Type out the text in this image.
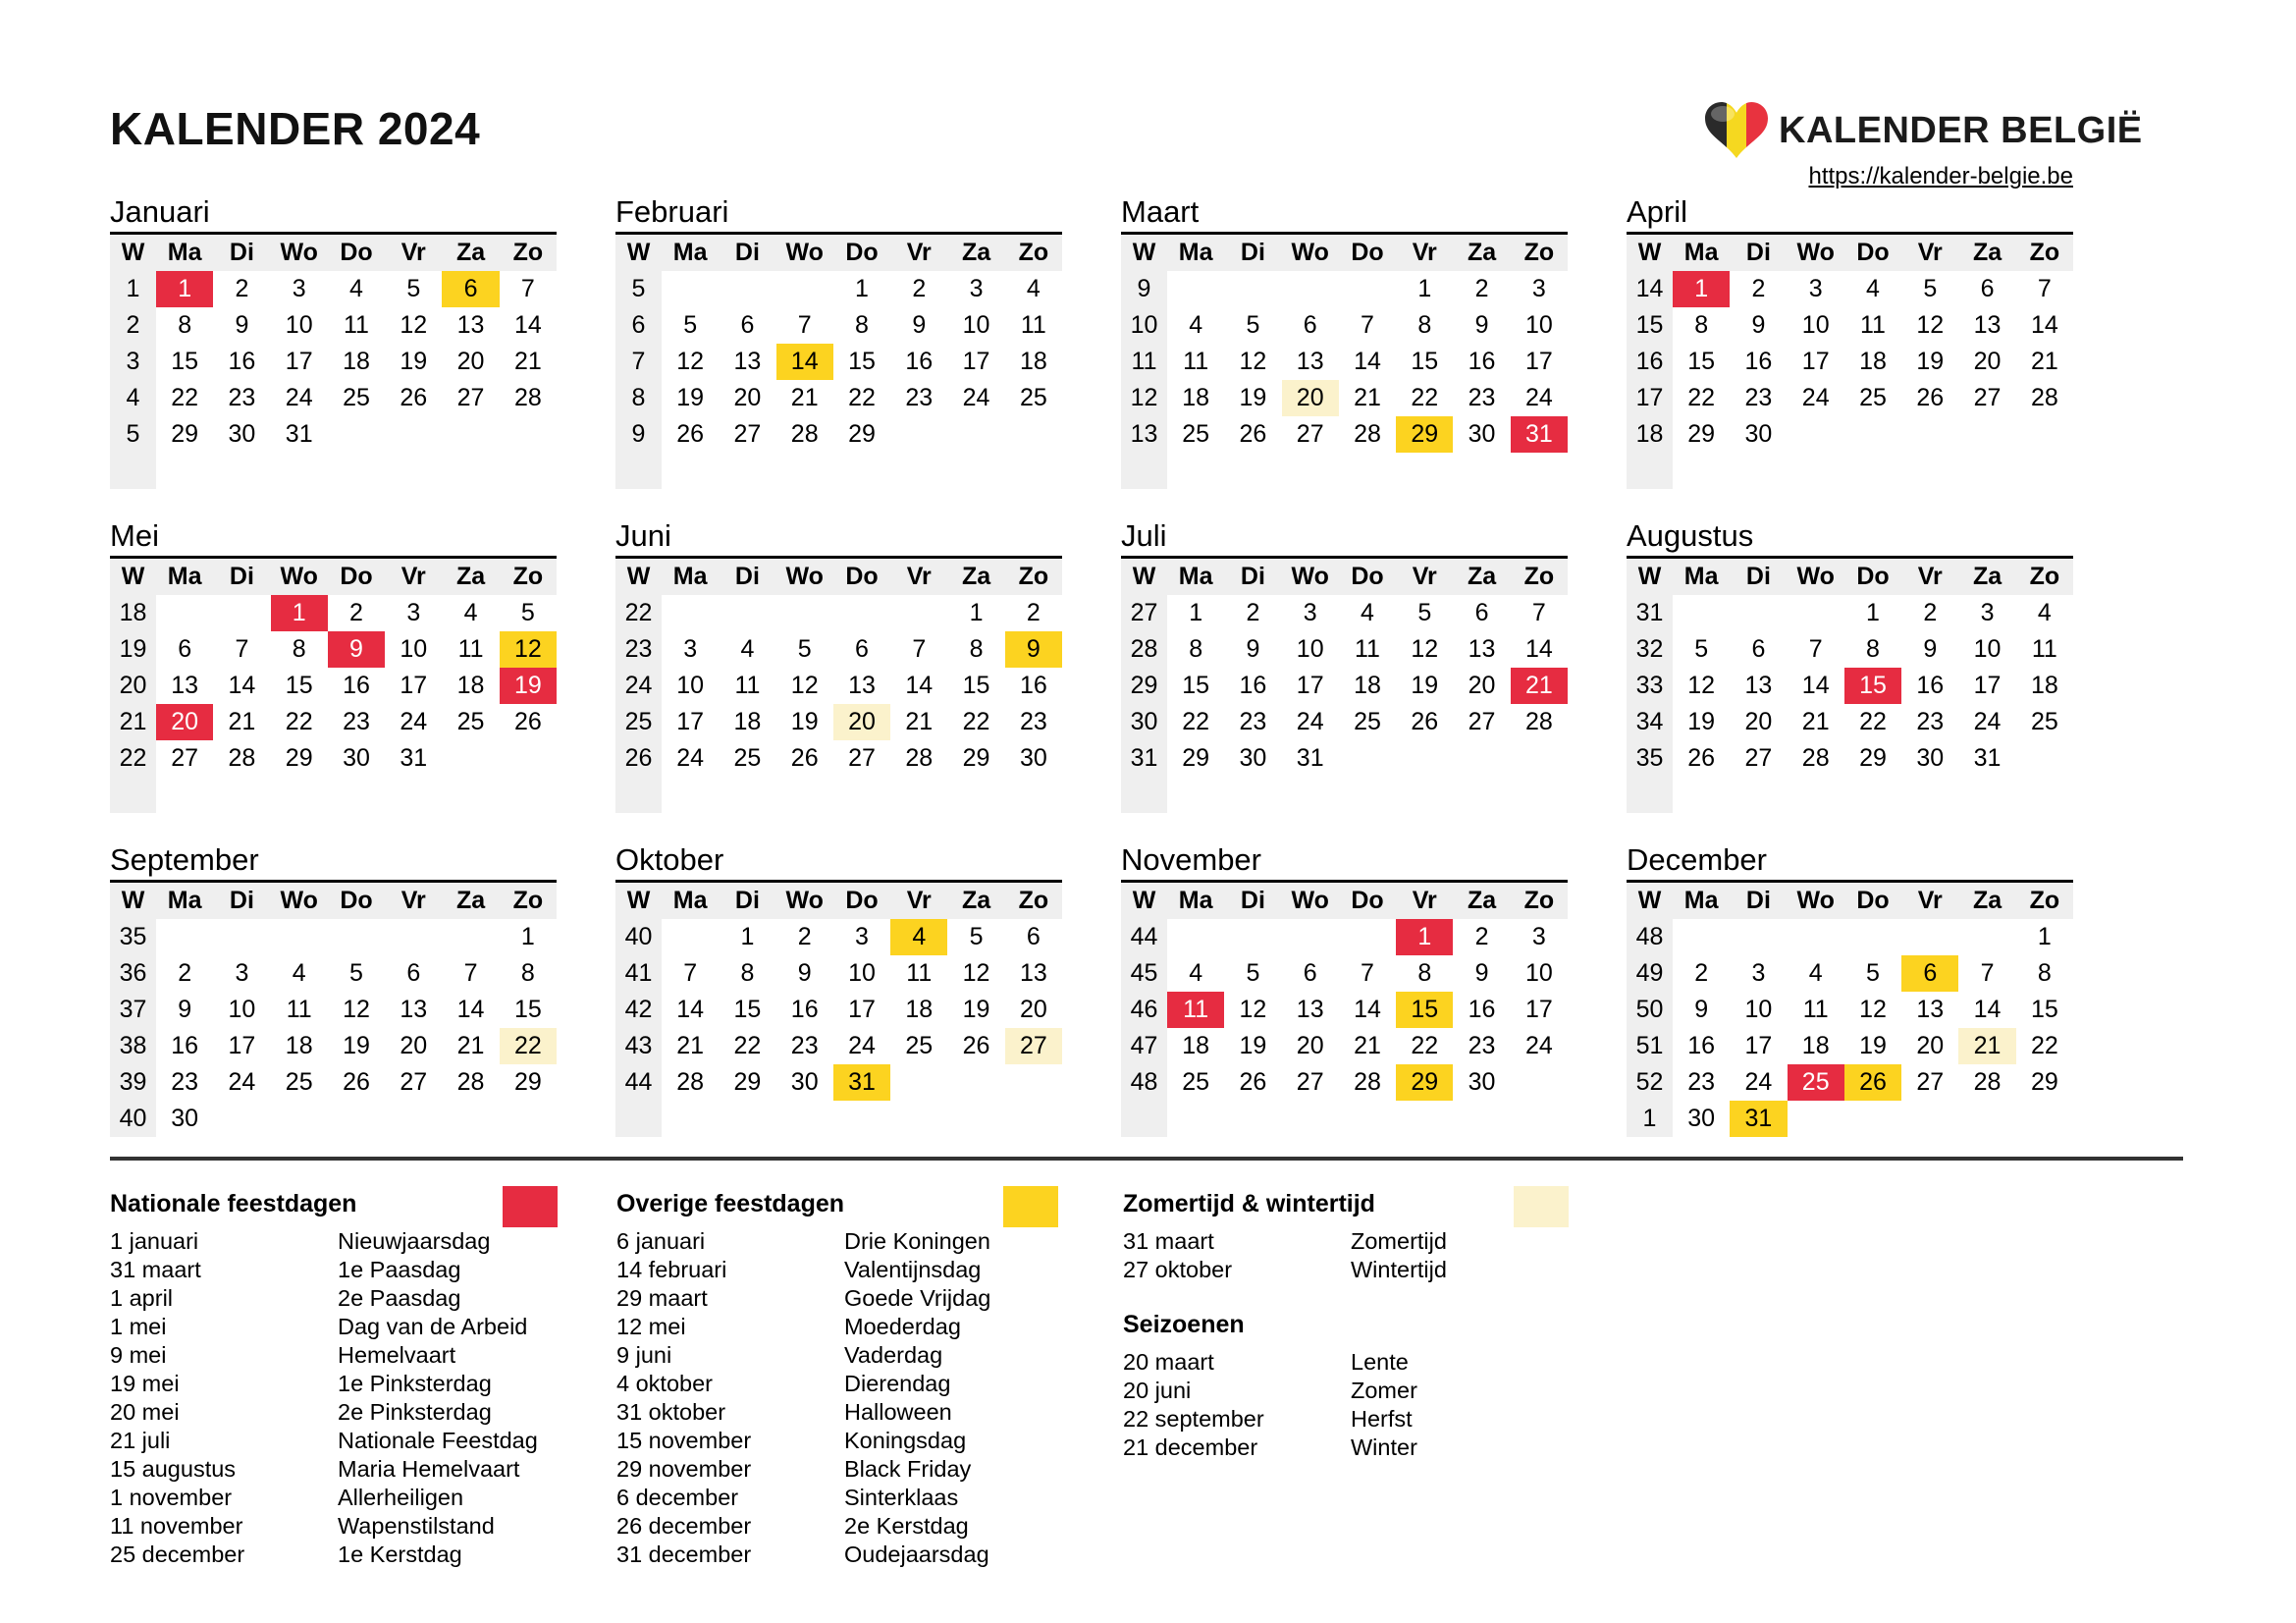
KALENDER 2024	KALENDER BELGIË
https://kalender-belgie.be
Januari
W	Ma	Di	Wo	Do	Vr	Za	Zo
1	1	2	3	4	5	6	7
2	8	9	10	11	12	13	14
3	15	16	17	18	19	20	21
4	22	23	24	25	26	27	28
5	29	30	31				

Februari
W	Ma	Di	Wo	Do	Vr	Za	Zo
5				1	2	3	4
6	5	6	7	8	9	10	11
7	12	13	14	15	16	17	18
8	19	20	21	22	23	24	25
9	26	27	28	29			

Maart
W	Ma	Di	Wo	Do	Vr	Za	Zo
9					1	2	3
10	4	5	6	7	8	9	10
11	11	12	13	14	15	16	17
12	18	19	20	21	22	23	24
13	25	26	27	28	29	30	31

April
W	Ma	Di	Wo	Do	Vr	Za	Zo
14	1	2	3	4	5	6	7
15	8	9	10	11	12	13	14
16	15	16	17	18	19	20	21
17	22	23	24	25	26	27	28
18	29	30					

Mei
W	Ma	Di	Wo	Do	Vr	Za	Zo
18			1	2	3	4	5
19	6	7	8	9	10	11	12
20	13	14	15	16	17	18	19
21	20	21	22	23	24	25	26
22	27	28	29	30	31		

Juni
W	Ma	Di	Wo	Do	Vr	Za	Zo
22						1	2
23	3	4	5	6	7	8	9
24	10	11	12	13	14	15	16
25	17	18	19	20	21	22	23
26	24	25	26	27	28	29	30

Juli
W	Ma	Di	Wo	Do	Vr	Za	Zo
27	1	2	3	4	5	6	7
28	8	9	10	11	12	13	14
29	15	16	17	18	19	20	21
30	22	23	24	25	26	27	28
31	29	30	31				

Augustus
W	Ma	Di	Wo	Do	Vr	Za	Zo
31				1	2	3	4
32	5	6	7	8	9	10	11
33	12	13	14	15	16	17	18
34	19	20	21	22	23	24	25
35	26	27	28	29	30	31	

September
W	Ma	Di	Wo	Do	Vr	Za	Zo
35							1
36	2	3	4	5	6	7	8
37	9	10	11	12	13	14	15
38	16	17	18	19	20	21	22
39	23	24	25	26	27	28	29
40	30						
Oktober
W	Ma	Di	Wo	Do	Vr	Za	Zo
40		1	2	3	4	5	6
41	7	8	9	10	11	12	13
42	14	15	16	17	18	19	20
43	21	22	23	24	25	26	27
44	28	29	30	31			

November
W	Ma	Di	Wo	Do	Vr	Za	Zo
44					1	2	3
45	4	5	6	7	8	9	10
46	11	12	13	14	15	16	17
47	18	19	20	21	22	23	24
48	25	26	27	28	29	30	

December
W	Ma	Di	Wo	Do	Vr	Za	Zo
48							1
49	2	3	4	5	6	7	8
50	9	10	11	12	13	14	15
51	16	17	18	19	20	21	22
52	23	24	25	26	27	28	29
1	30	31					
Nationale feestdagen
1 januari	Nieuwjaarsdag
31 maart	1e Paasdag
1 april	2e Paasdag
1 mei	Dag van de Arbeid
9 mei	Hemelvaart
19 mei	1e Pinksterdag
20 mei	2e Pinksterdag
21 juli	Nationale Feestdag
15 augustus	Maria Hemelvaart
1 november	Allerheiligen
11 november	Wapenstilstand
25 december	1e Kerstdag
Overige feestdagen
6 januari	Drie Koningen
14 februari	Valentijnsdag
29 maart	Goede Vrijdag
12 mei	Moederdag
9 juni	Vaderdag
4 oktober	Dierendag
31 oktober	Halloween
15 november	Koningsdag
29 november	Black Friday
6 december	Sinterklaas
26 december	2e Kerstdag
31 december	Oudejaarsdag
Zomertijd & wintertijd
31 maart	Zomertijd
27 oktober	Wintertijd
Seizoenen
20 maart	Lente
20 juni	Zomer
22 september	Herfst
21 december	Winter
